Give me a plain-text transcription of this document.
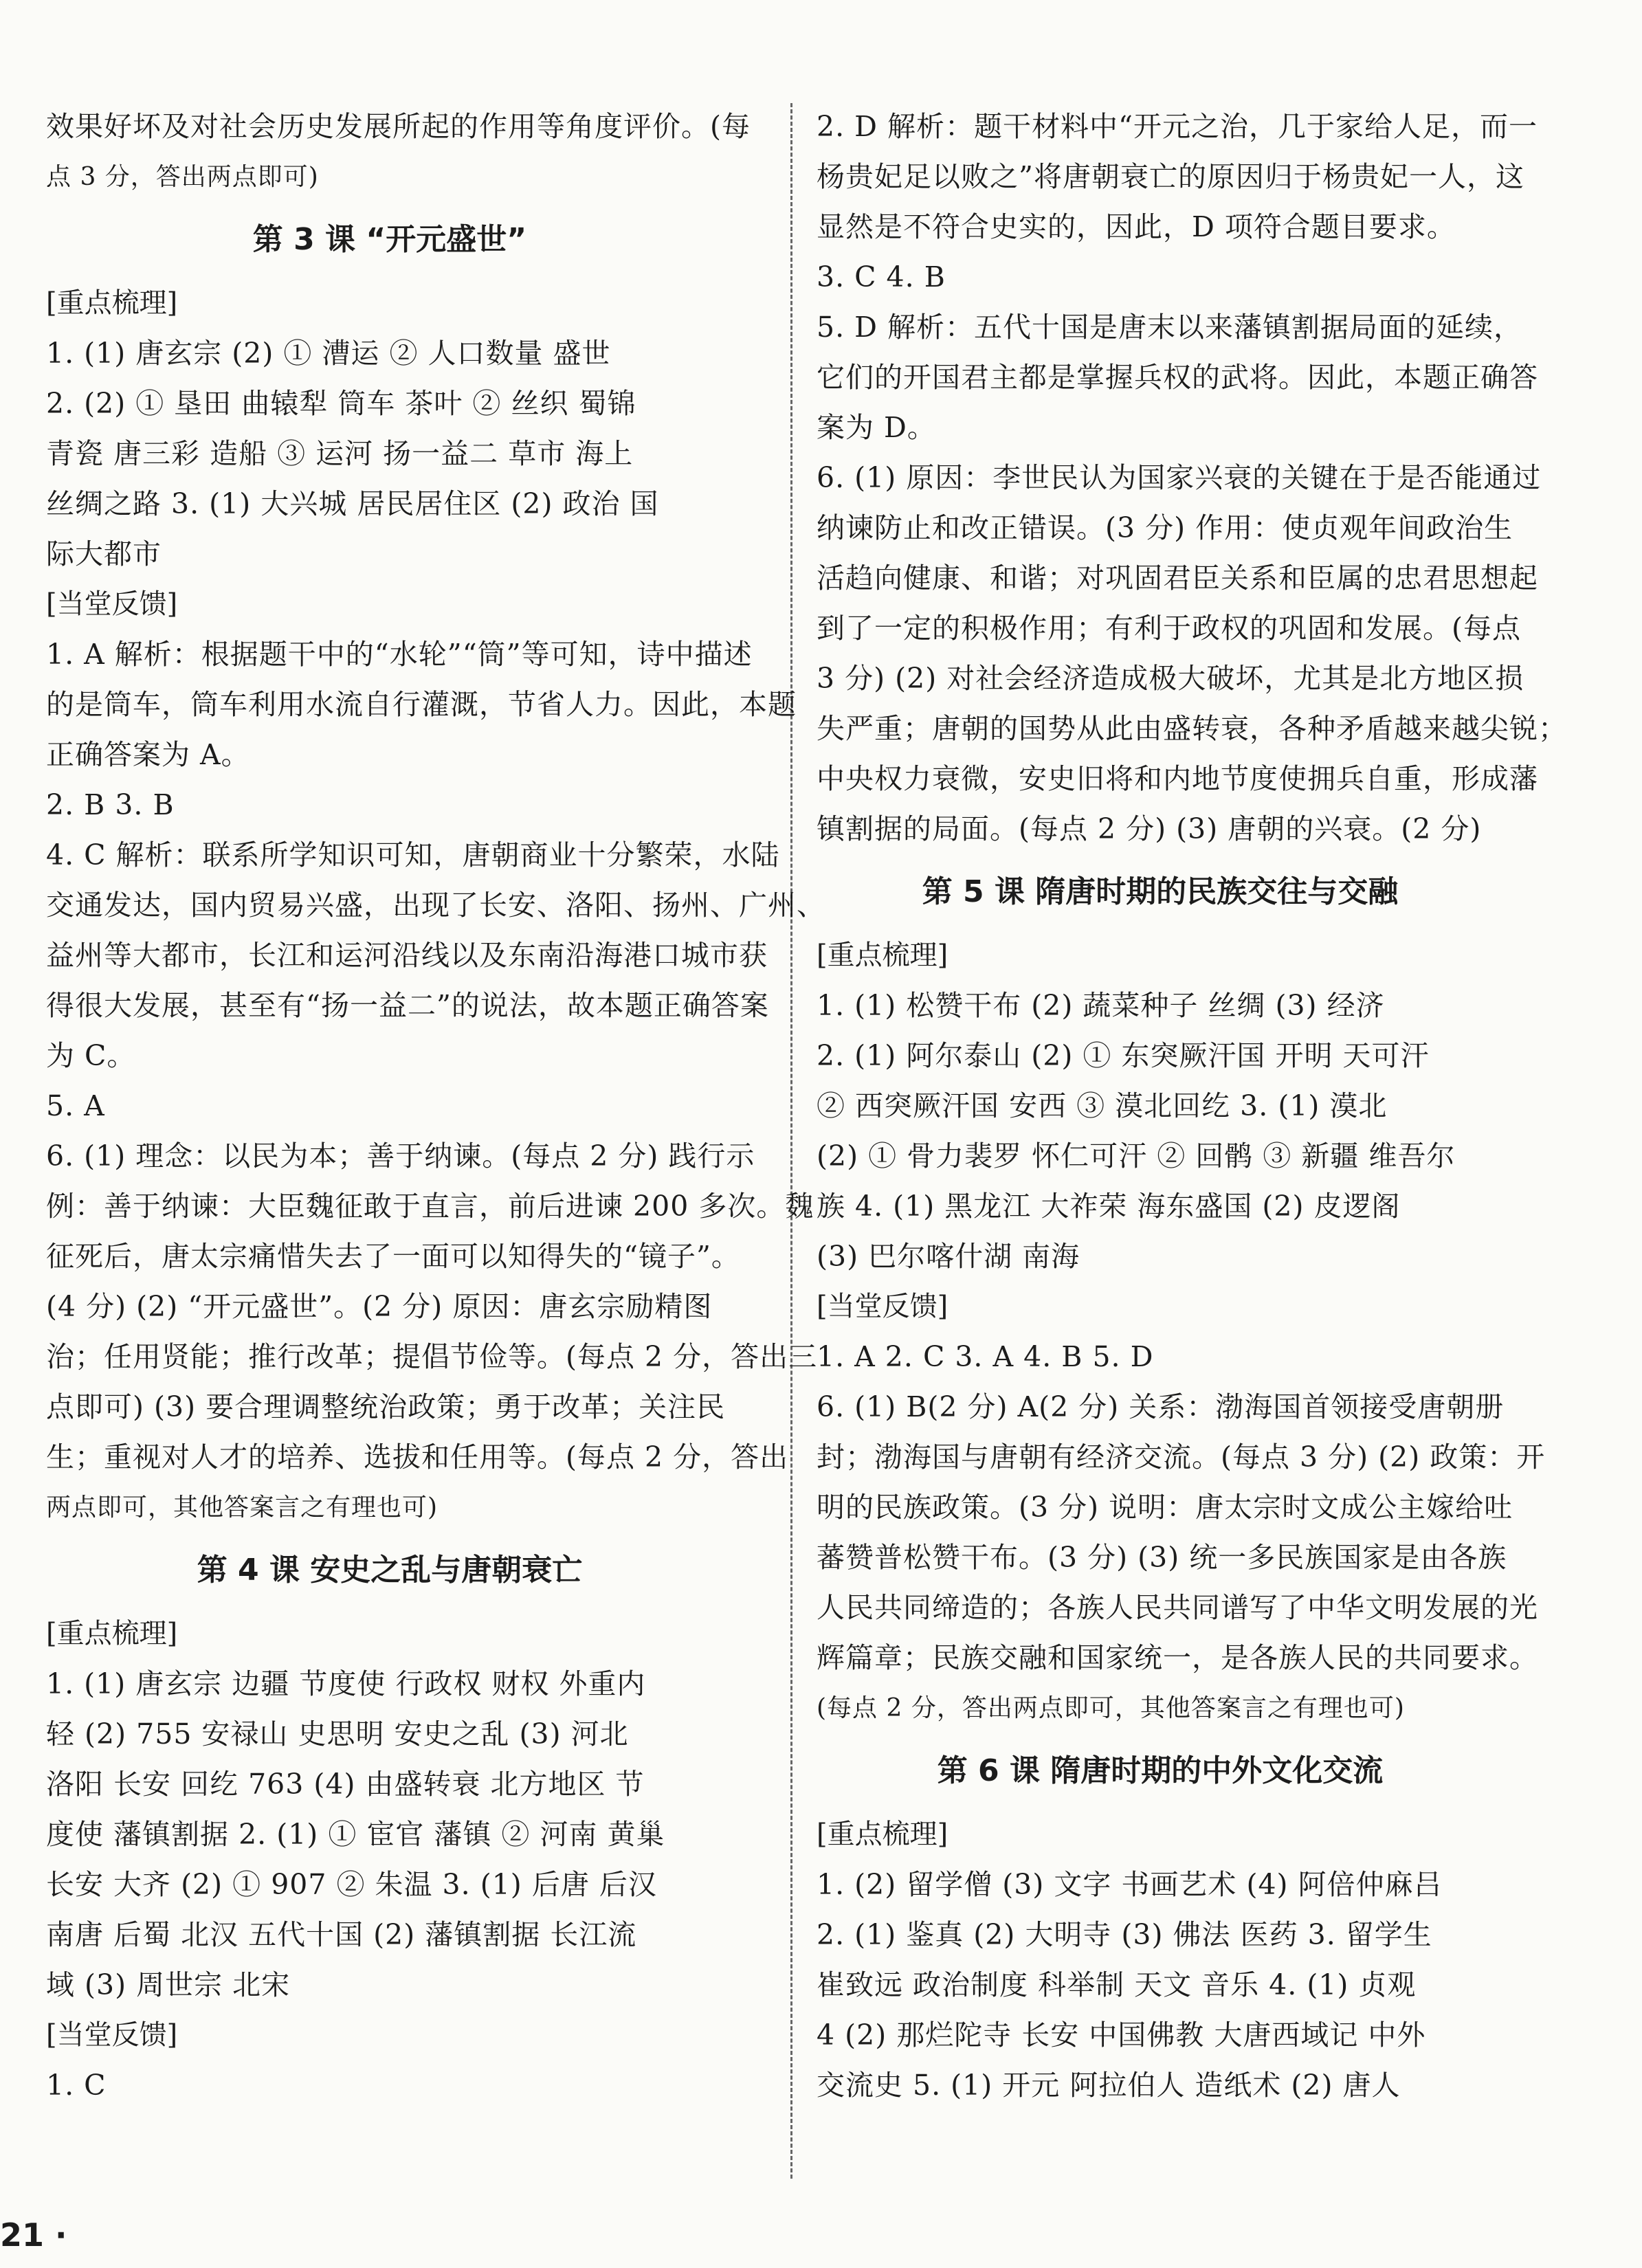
效果好坏及对社会历史发展所起的作用等角度评价。(每
点 3 分，答出两点即可)
第 3 课 “开元盛世”
[重点梳理]
1. (1) 唐玄宗 (2) ① 漕运 ② 人口数量 盛世
2. (2) ① 垦田 曲辕犁 筒车 茶叶 ② 丝织 蜀锦
青瓷 唐三彩 造船 ③ 运河 扬一益二 草市 海上
丝绸之路 3. (1) 大兴城 居民居住区 (2) 政治 国
际大都市
[当堂反馈]
1. A 解析：根据题干中的“水轮”“筒”等可知，诗中描述
的是筒车，筒车利用水流自行灌溉，节省人力。因此，本题
正确答案为 A。
2. B 3. B
4. C 解析：联系所学知识可知，唐朝商业十分繁荣，水陆
交通发达，国内贸易兴盛，出现了长安、洛阳、扬州、广州、
益州等大都市，长江和运河沿线以及东南沿海港口城市获
得很大发展，甚至有“扬一益二”的说法，故本题正确答案
为 C。
5. A
6. (1) 理念：以民为本；善于纳谏。(每点 2 分) 践行示
例：善于纳谏：大臣魏征敢于直言，前后进谏 200 多次。魏
征死后，唐太宗痛惜失去了一面可以知得失的“镜子”。
(4 分) (2) “开元盛世”。(2 分) 原因：唐玄宗励精图
治；任用贤能；推行改革；提倡节俭等。(每点 2 分，答出三
点即可) (3) 要合理调整统治政策；勇于改革；关注民
生；重视对人才的培养、选拔和任用等。(每点 2 分，答出
两点即可，其他答案言之有理也可)
第 4 课 安史之乱与唐朝衰亡
[重点梳理]
1. (1) 唐玄宗 边疆 节度使 行政权 财权 外重内
轻 (2) 755 安禄山 史思明 安史之乱 (3) 河北
洛阳 长安 回纥 763 (4) 由盛转衰 北方地区 节
度使 藩镇割据 2. (1) ① 宦官 藩镇 ② 河南 黄巢
长安 大齐 (2) ① 907 ② 朱温 3. (1) 后唐 后汉
南唐 后蜀 北汉 五代十国 (2) 藩镇割据 长江流
域 (3) 周世宗 北宋
[当堂反馈]
1. C
2. D 解析：题干材料中“开元之治，几于家给人足，而一
杨贵妃足以败之”将唐朝衰亡的原因归于杨贵妃一人，这
显然是不符合史实的，因此，D 项符合题目要求。
3. C 4. B
5. D 解析：五代十国是唐末以来藩镇割据局面的延续，
它们的开国君主都是掌握兵权的武将。因此，本题正确答
案为 D。
6. (1) 原因：李世民认为国家兴衰的关键在于是否能通过
纳谏防止和改正错误。(3 分) 作用：使贞观年间政治生
活趋向健康、和谐；对巩固君臣关系和臣属的忠君思想起
到了一定的积极作用；有利于政权的巩固和发展。(每点
3 分) (2) 对社会经济造成极大破坏，尤其是北方地区损
失严重；唐朝的国势从此由盛转衰，各种矛盾越来越尖锐；
中央权力衰微，安史旧将和内地节度使拥兵自重，形成藩
镇割据的局面。(每点 2 分) (3) 唐朝的兴衰。(2 分)
第 5 课 隋唐时期的民族交往与交融
[重点梳理]
1. (1) 松赞干布 (2) 蔬菜种子 丝绸 (3) 经济
2. (1) 阿尔泰山 (2) ① 东突厥汗国 开明 天可汗
② 西突厥汗国 安西 ③ 漠北回纥 3. (1) 漠北
(2) ① 骨力裴罗 怀仁可汗 ② 回鹘 ③ 新疆 维吾尔
族 4. (1) 黑龙江 大祚荣 海东盛国 (2) 皮逻阁
(3) 巴尔喀什湖 南海
[当堂反馈]
1. A 2. C 3. A 4. B 5. D
6. (1) B(2 分) A(2 分) 关系：渤海国首领接受唐朝册
封；渤海国与唐朝有经济交流。(每点 3 分) (2) 政策：开
明的民族政策。(3 分) 说明：唐太宗时文成公主嫁给吐
蕃赞普松赞干布。(3 分) (3) 统一多民族国家是由各族
人民共同缔造的；各族人民共同谱写了中华文明发展的光
辉篇章；民族交融和国家统一，是各族人民的共同要求。
(每点 2 分，答出两点即可，其他答案言之有理也可)
第 6 课 隋唐时期的中外文化交流
[重点梳理]
1. (2) 留学僧 (3) 文字 书画艺术 (4) 阿倍仲麻吕
2. (1) 鉴真 (2) 大明寺 (3) 佛法 医药 3. 留学生
崔致远 政治制度 科举制 天文 音乐 4. (1) 贞观
4 (2) 那烂陀寺 长安 中国佛教 大唐西域记 中外
交流史 5. (1) 开元 阿拉伯人 造纸术 (2) 唐人
21 ·
